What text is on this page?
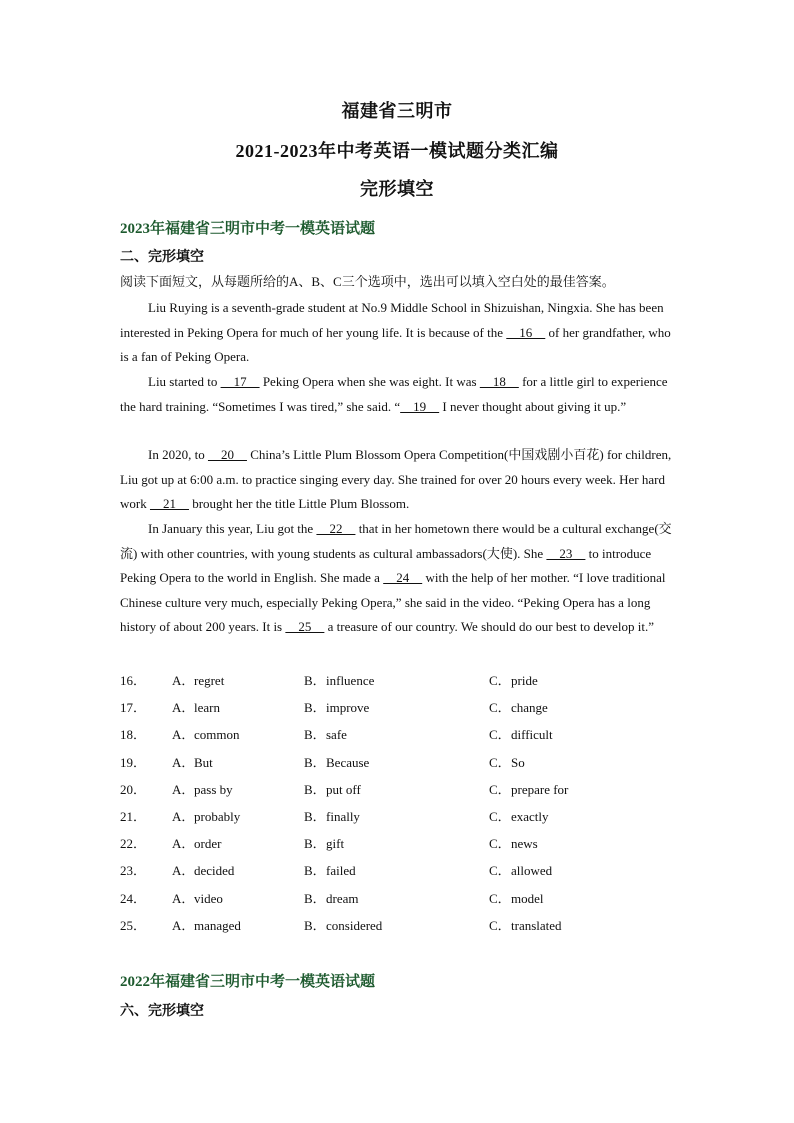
福建省三明市
2021-2023年中考英语一模试题分类汇编
完形填空
2023年福建省三明市中考一模英语试题
二、完形填空
阅读下面短文，从每题所给的A、B、C三个选项中，选出可以填入空白处的最佳答案。
Liu Ruying is a seventh-grade student at No.9 Middle School in Shizuishan, Ningxia. She has been interested in Peking Opera for much of her young life. It is because of the     16     of her grandfather, who is a fan of Peking Opera.
Liu started to     17     Peking Opera when she was eight. It was     18     for a little girl to experience the hard training. “Sometimes I was tired,” she said. “    19     I never thought about giving it up.”
In 2020, to     20     China’s Little Plum Blossom Opera Competition(中国戏剧小百花) for children, Liu got up at 6:00 a.m. to practice singing every day. She trained for over 20 hours every week. Her hard work     21     brought her the title Little Plum Blossom.
In January this year, Liu got the     22     that in her hometown there would be a cultural exchange(交流) with other countries, with young students as cultural ambassadors(大使). She     23     to introduce Peking Opera to the world in English. She made a     24     with the help of her mother. “I love traditional Chinese culture very much, especially Peking Opera,” she said in the video. “Peking Opera has a long history of about 200 years. It is     25     a treasure of our country. We should do our best to develop it.”
16． A．regret	B．influence	C．pride
17． A．learn	B．improve	C．change
18． A．common	B．safe	C．difficult
19． A．But	B．Because	C．So
20． A．pass by	B．put off	C．prepare for
21． A．probably	B．finally	C．exactly
22． A．order	B．gift	C．news
23． A．decided	B．failed	C．allowed
24． A．video	B．dream	C．model
25． A．managed	B．considered	C．translated
2022年福建省三明市中考一模英语试题
六、完形填空
